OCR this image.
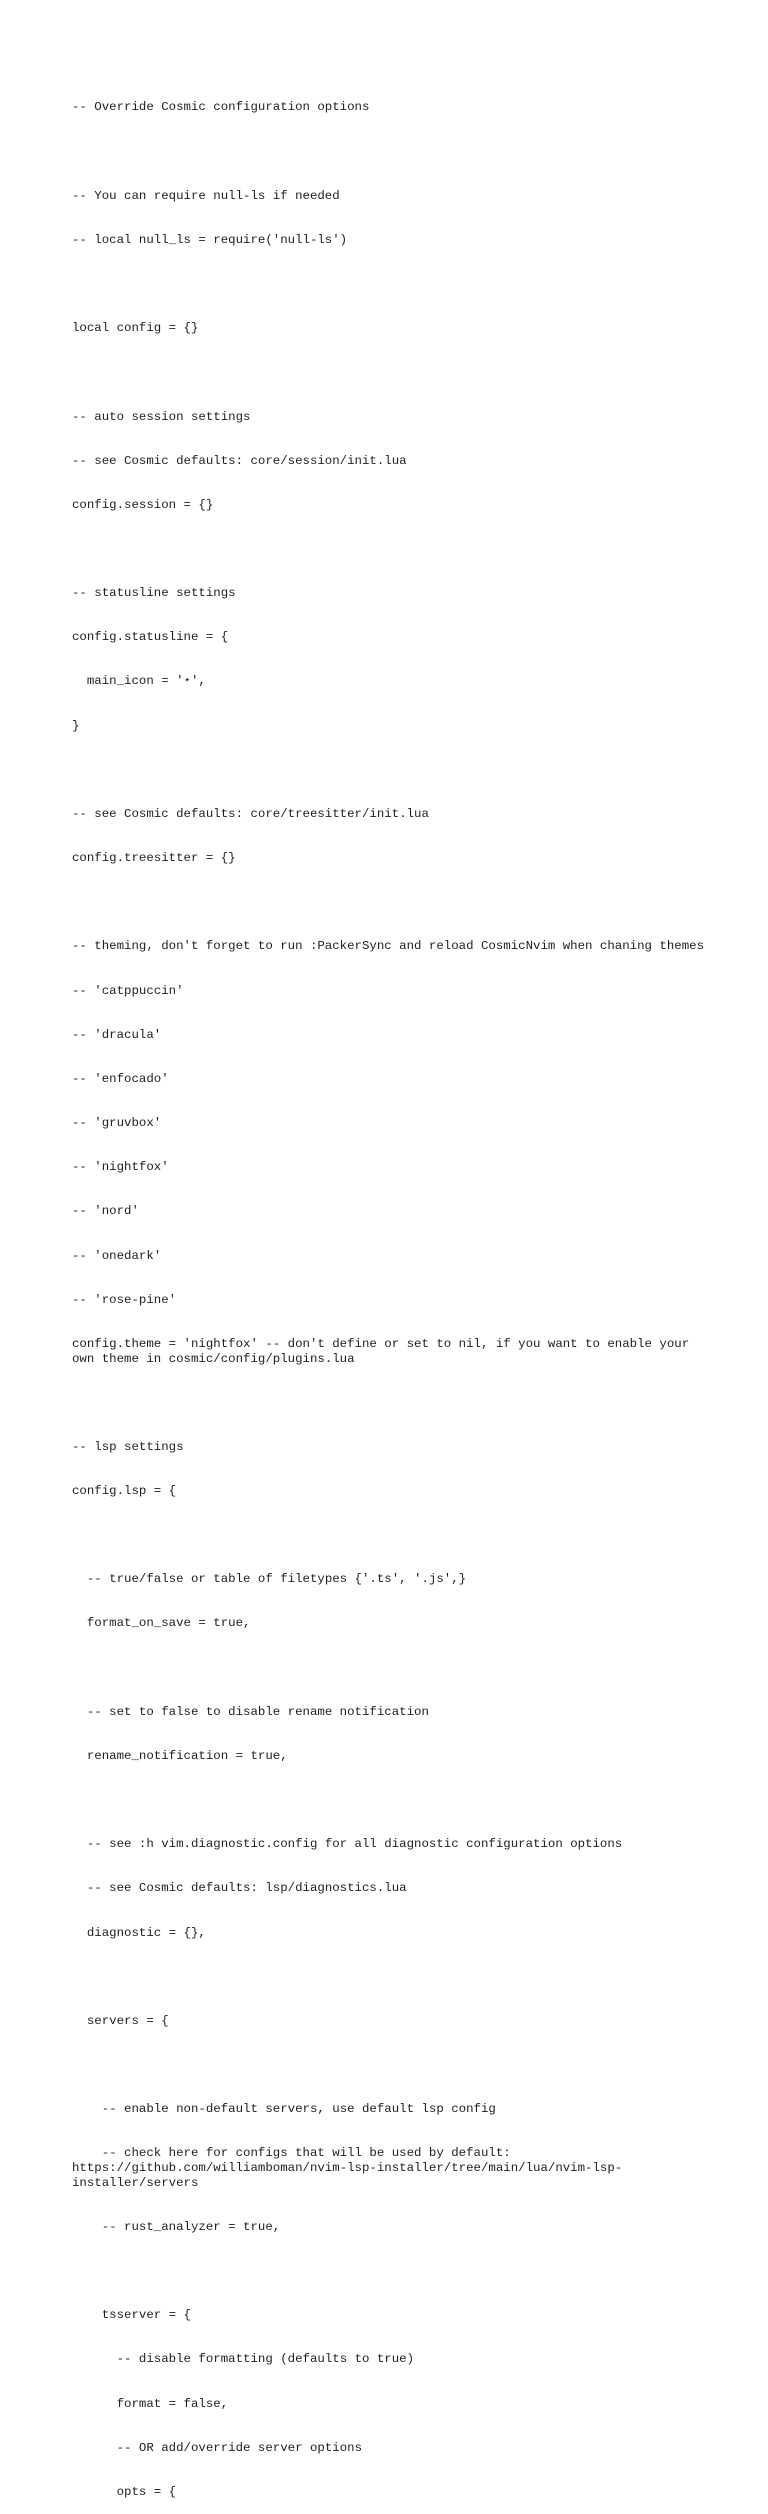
-- Override Cosmic configuration options

-- You can require null-ls if needed

-- local null_ls = require('null-ls')

local config = {}

-- auto session settings

-- see Cosmic defaults: core/session/init.lua

config.session = {}

-- statusline settings

config.statusline = {

main_icon = '⋆',

}

-- see Cosmic defaults: core/treesitter/init.lua

config.treesitter = {}

-- theming, don't forget to run :PackerSync and reload CosmicNvim when chaning themes

-- 'catppuccin'

-- 'dracula'

-- 'enfocado'

-- 'gruvbox'

-- 'nightfox'

-- 'nord'

-- 'onedark'

-- 'rose-pine'

config.theme = 'nightfox' -- don't define or set to nil, if you want to enable your own theme in cosmic/config/plugins.lua

-- lsp settings

config.lsp = {

-- true/false or table of filetypes {'.ts', '.js',}

format_on_save = true,

-- set to false to disable rename notification

rename_notification = true,

-- see :h vim.diagnostic.config for all diagnostic configuration options

-- see Cosmic defaults: lsp/diagnostics.lua

diagnostic = {},

servers = {

-- enable non-default servers, use default lsp config

-- check here for configs that will be used by default: https://github.com/williamboman/nvim-lsp-installer/tree/main/lua/nvim-lsp-installer/servers

-- rust_analyzer = true,

tsserver = {

-- disable formatting (defaults to true)

format = false,

-- OR add/override server options

opts = {
